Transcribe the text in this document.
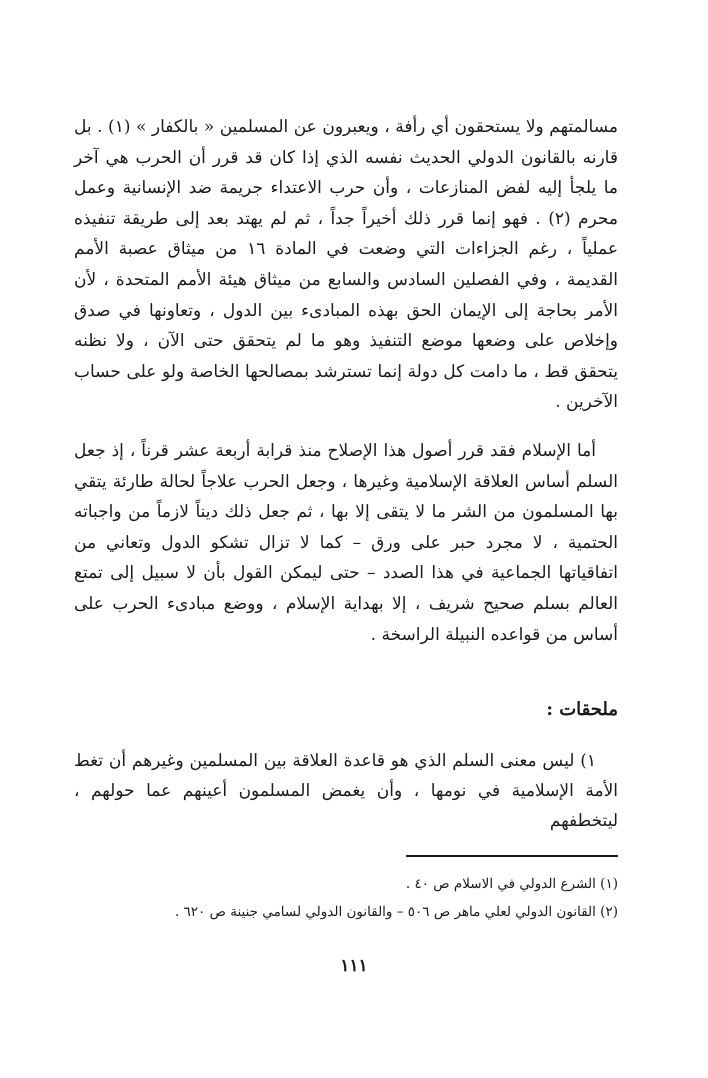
مسالمتهم ولا يستحقون أي رأفة ، ويعبرون عن المسلمين « بالكفار » (١) . بل قارنه بالقانون الدولي الحديث نفسه الذي إذا كان قد قرر أن الحرب هي آخر ما يلجأ إليه لفض المنازعات ، وأن حرب الاعتداء جريمة ضد الإنسانية وعمل محرم (٢) . فهو إنما قرر ذلك أخيراً جداً ، ثم لم يهتد بعد إلى طريقة تنفيذه عملياً ، رغم الجزاءات التي وضعت في المادة ١٦ من ميثاق عصبة الأمم القديمة ، وفي الفصلين السادس والسابع من ميثاق هيئة الأمم المتحدة ، لأن الأمر بحاجة إلى الإيمان الحق بهذه المبادىء بين الدول ، وتعاونها في صدق وإخلاص على وضعها موضع التنفيذ وهو ما لم يتحقق حتى الآن ، ولا نظنه يتحقق قط ، ما دامت كل دولة إنما تسترشد بمصالحها الخاصة ولو على حساب الآخرين .

أما الإسلام فقد قرر أصول هذا الإصلاح منذ قرابة أربعة عشر قرناً ، إذ جعل السلم أساس العلاقة الإسلامية وغيرها ، وجعل الحرب علاجاً لحالة طارئة يتقي بها المسلمون من الشر ما لا يتقى إلا بها ، ثم جعل ذلك ديناً لازماً من واجباته الحتمية ، لا مجرد حبر على ورق – كما لا تزال تشكو الدول وتعاني من اتفاقياتها الجماعية في هذا الصدد – حتى ليمكن القول بأن لا سبيل إلى تمتع العالم بسلم صحيح شريف ، إلا بهداية الإسلام ، ووضع مبادىء الحرب على أساس من قواعده النبيلة الراسخة .

ملحقات :

١) ليس معنى السلم الذي هو قاعدة العلاقة بين المسلمين وغيرهم أن تغط الأمة الإسلامية في نومها ، وأن يغمض المسلمون أعينهم عما حولهم ، ليتخطفهم

(١) الشرع الدولي في الاسلام ص ٤٠ .

(٢) القانون الدولي لعلي ماهر ص ٥٠٦ – والقانون الدولي لسامي جنينة ص ٦٢٠ .

١١١
